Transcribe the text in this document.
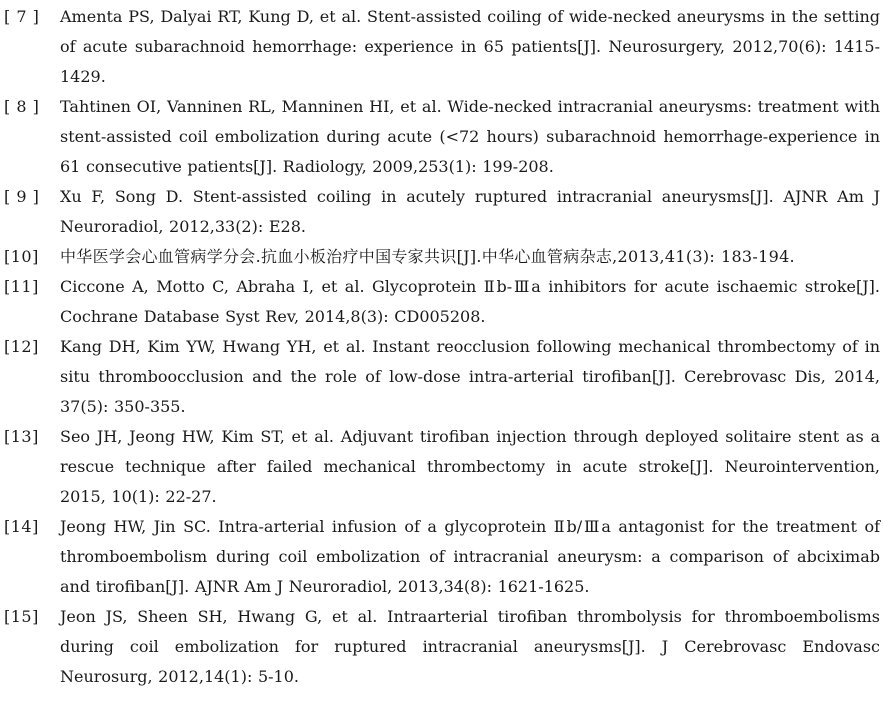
[ 7 ]	Amenta PS, Dalyai RT, Kung D, et al. Stent-assisted coiling of wide-necked aneurysms in the setting of acute subarachnoid hemorrhage: experience in 65 patients[J]. Neurosurgery, 2012,70(6): 1415-1429.
[ 8 ]	Tahtinen OI, Vanninen RL, Manninen HI, et al. Wide-necked intracranial aneurysms: treatment with stent-assisted coil embolization during acute (<72 hours) subarachnoid hemorrhage-experience in 61 consecutive patients[J]. Radiology, 2009,253(1): 199-208.
[ 9 ]	Xu F, Song D. Stent-assisted coiling in acutely ruptured intracranial aneurysms[J]. AJNR Am J Neuroradiol, 2012,33(2): E28.
[10]	中华医学会心血管病学分会.抗血小板治疗中国专家共识[J].中华心血管病杂志,2013,41(3): 183-194.
[11]	Ciccone A, Motto C, Abraha I, et al. Glycoprotein Ⅱb-Ⅲa inhibitors for acute ischaemic stroke[J]. Cochrane Database Syst Rev, 2014,8(3): CD005208.
[12]	Kang DH, Kim YW, Hwang YH, et al. Instant reocclusion following mechanical thrombectomy of in situ thromboocclusion and the role of low-dose intra-arterial tirofiban[J]. Cerebrovasc Dis, 2014, 37(5): 350-355.
[13]	Seo JH, Jeong HW, Kim ST, et al. Adjuvant tirofiban injection through deployed solitaire stent as a rescue technique after failed mechanical thrombectomy in acute stroke[J]. Neurointervention, 2015, 10(1): 22-27.
[14]	Jeong HW, Jin SC. Intra-arterial infusion of a glycoprotein Ⅱb/Ⅲa antagonist for the treatment of thromboembolism during coil embolization of intracranial aneurysm: a comparison of abciximab and tirofiban[J]. AJNR Am J Neuroradiol, 2013,34(8): 1621-1625.
[15]	Jeon JS, Sheen SH, Hwang G, et al. Intraarterial tirofiban thrombolysis for thromboembolisms during coil embolization for ruptured intracranial aneurysms[J]. J Cerebrovasc Endovasc Neurosurg, 2012,14(1): 5-10.
